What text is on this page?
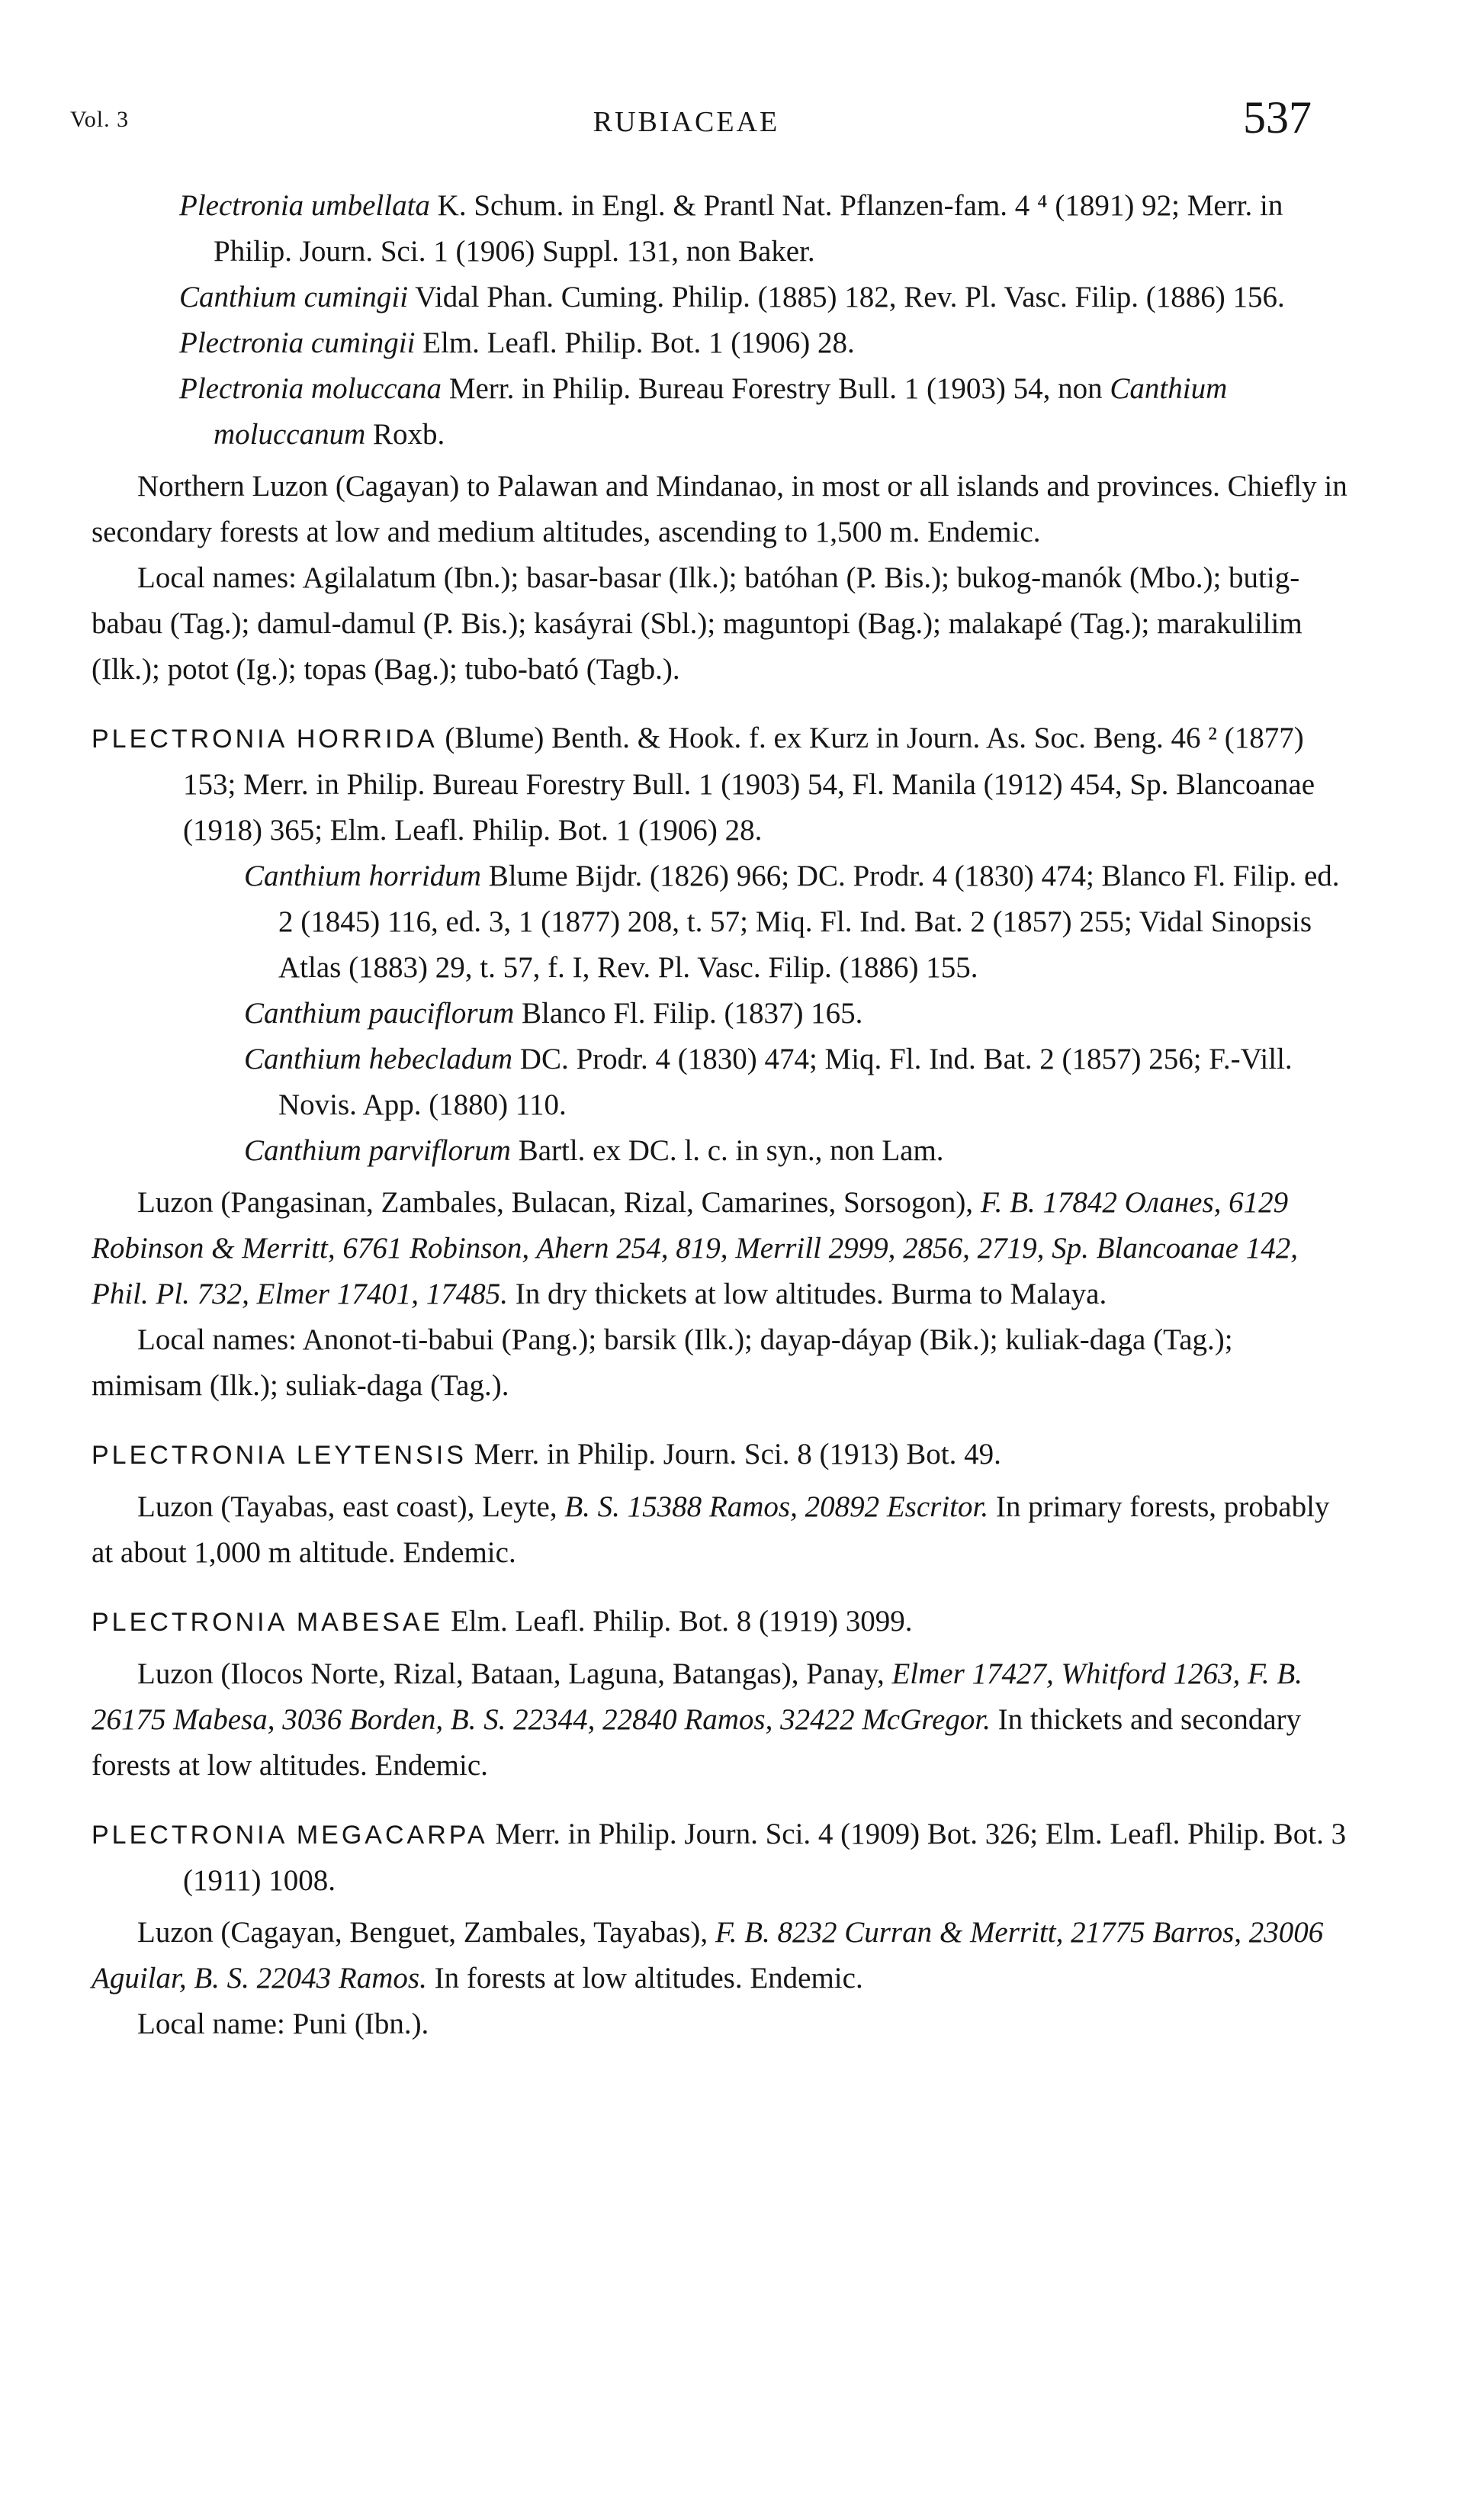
Vol. 3	RUBIACEAE	537

Plectronia umbellata K. Schum. in Engl. & Prantl Nat. Pflanzen-fam. 4 ⁴ (1891) 92; Merr. in Philip. Journ. Sci. 1 (1906) Suppl. 131, non Baker.

Canthium cumingii Vidal Phan. Cuming. Philip. (1885) 182, Rev. Pl. Vasc. Filip. (1886) 156.

Plectronia cumingii Elm. Leafl. Philip. Bot. 1 (1906) 28.

Plectronia moluccana Merr. in Philip. Bureau Forestry Bull. 1 (1903) 54, non Canthium moluccanum Roxb.

Northern Luzon (Cagayan) to Palawan and Mindanao, in most or all islands and provinces. Chiefly in secondary forests at low and medium altitudes, ascending to 1,500 m. Endemic.

Local names: Agilalatum (Ibn.); basar-basar (Ilk.); batóhan (P. Bis.); bukog-manók (Mbo.); butig-babau (Tag.); damul-damul (P. Bis.); kasáyrai (Sbl.); maguntopi (Bag.); malakapé (Tag.); marakulilim (Ilk.); potot (Ig.); topas (Bag.); tubo-bató (Tagb.).

PLECTRONIA HORRIDA (Blume) Benth. & Hook. f. ex Kurz in Journ. As. Soc. Beng. 46 ² (1877) 153; Merr. in Philip. Bureau Forestry Bull. 1 (1903) 54, Fl. Manila (1912) 454, Sp. Blancoanae (1918) 365; Elm. Leafl. Philip. Bot. 1 (1906) 28.

Canthium horridum Blume Bijdr. (1826) 966; DC. Prodr. 4 (1830) 474; Blanco Fl. Filip. ed. 2 (1845) 116, ed. 3, 1 (1877) 208, t. 57; Miq. Fl. Ind. Bat. 2 (1857) 255; Vidal Sinopsis Atlas (1883) 29, t. 57, f. I, Rev. Pl. Vasc. Filip. (1886) 155.

Canthium pauciflorum Blanco Fl. Filip. (1837) 165.

Canthium hebecladum DC. Prodr. 4 (1830) 474; Miq. Fl. Ind. Bat. 2 (1857) 256; F.-Vill. Novis. App. (1880) 110.

Canthium parviflorum Bartl. ex DC. l. c. in syn., non Lam.

Luzon (Pangasinan, Zambales, Bulacan, Rizal, Camarines, Sorsogon), F. B. 17842 Oланes, 6129 Robinson & Merritt, 6761 Robinson, Ahern 254, 819, Merrill 2999, 2856, 2719, Sp. Blancoanae 142, Phil. Pl. 732, Elmer 17401, 17485. In dry thickets at low altitudes. Burma to Malaya.

Local names: Anonot-ti-babui (Pang.); barsik (Ilk.); dayap-dáyap (Bik.); kuliak-daga (Tag.); mimisam (Ilk.); suliak-daga (Tag.).

PLECTRONIA LEYTENSIS Merr. in Philip. Journ. Sci. 8 (1913) Bot. 49.

Luzon (Tayabas, east coast), Leyte, B. S. 15388 Ramos, 20892 Escritor. In primary forests, probably at about 1,000 m altitude. Endemic.

PLECTRONIA MABESAE Elm. Leafl. Philip. Bot. 8 (1919) 3099.

Luzon (Ilocos Norte, Rizal, Bataan, Laguna, Batangas), Panay, Elmer 17427, Whitford 1263, F. B. 26175 Mabesa, 3036 Borden, B. S. 22344, 22840 Ramos, 32422 McGregor. In thickets and secondary forests at low altitudes. Endemic.

PLECTRONIA MEGACARPA Merr. in Philip. Journ. Sci. 4 (1909) Bot. 326; Elm. Leafl. Philip. Bot. 3 (1911) 1008.

Luzon (Cagayan, Benguet, Zambales, Tayabas), F. B. 8232 Curran & Merritt, 21775 Barros, 23006 Aguilar, B. S. 22043 Ramos. In forests at low altitudes. Endemic.

Local name: Puni (Ibn.).
